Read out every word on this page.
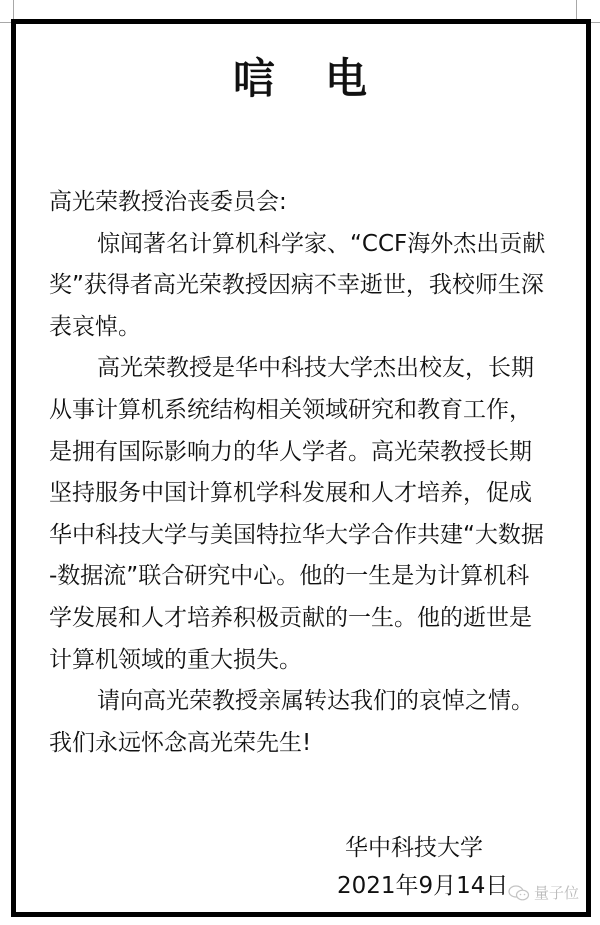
唁 电
高光荣教授治丧委员会:
惊闻著名计算机科学家、“CCF海外杰出贡献
奖”获得者高光荣教授因病不幸逝世，我校师生深
表哀悼。
高光荣教授是华中科技大学杰出校友，长期
从事计算机系统结构相关领域研究和教育工作，
是拥有国际影响力的华人学者。高光荣教授长期
坚持服务中国计算机学科发展和人才培养，促成
华中科技大学与美国特拉华大学合作共建“大数据
-数据流”联合研究中心。他的一生是为计算机科
学发展和人才培养积极贡献的一生。他的逝世是
计算机领域的重大损失。
请向高光荣教授亲属转达我们的哀悼之情。
我们永远怀念高光荣先生!
华中科技大学
2021年9月14日 量子位
